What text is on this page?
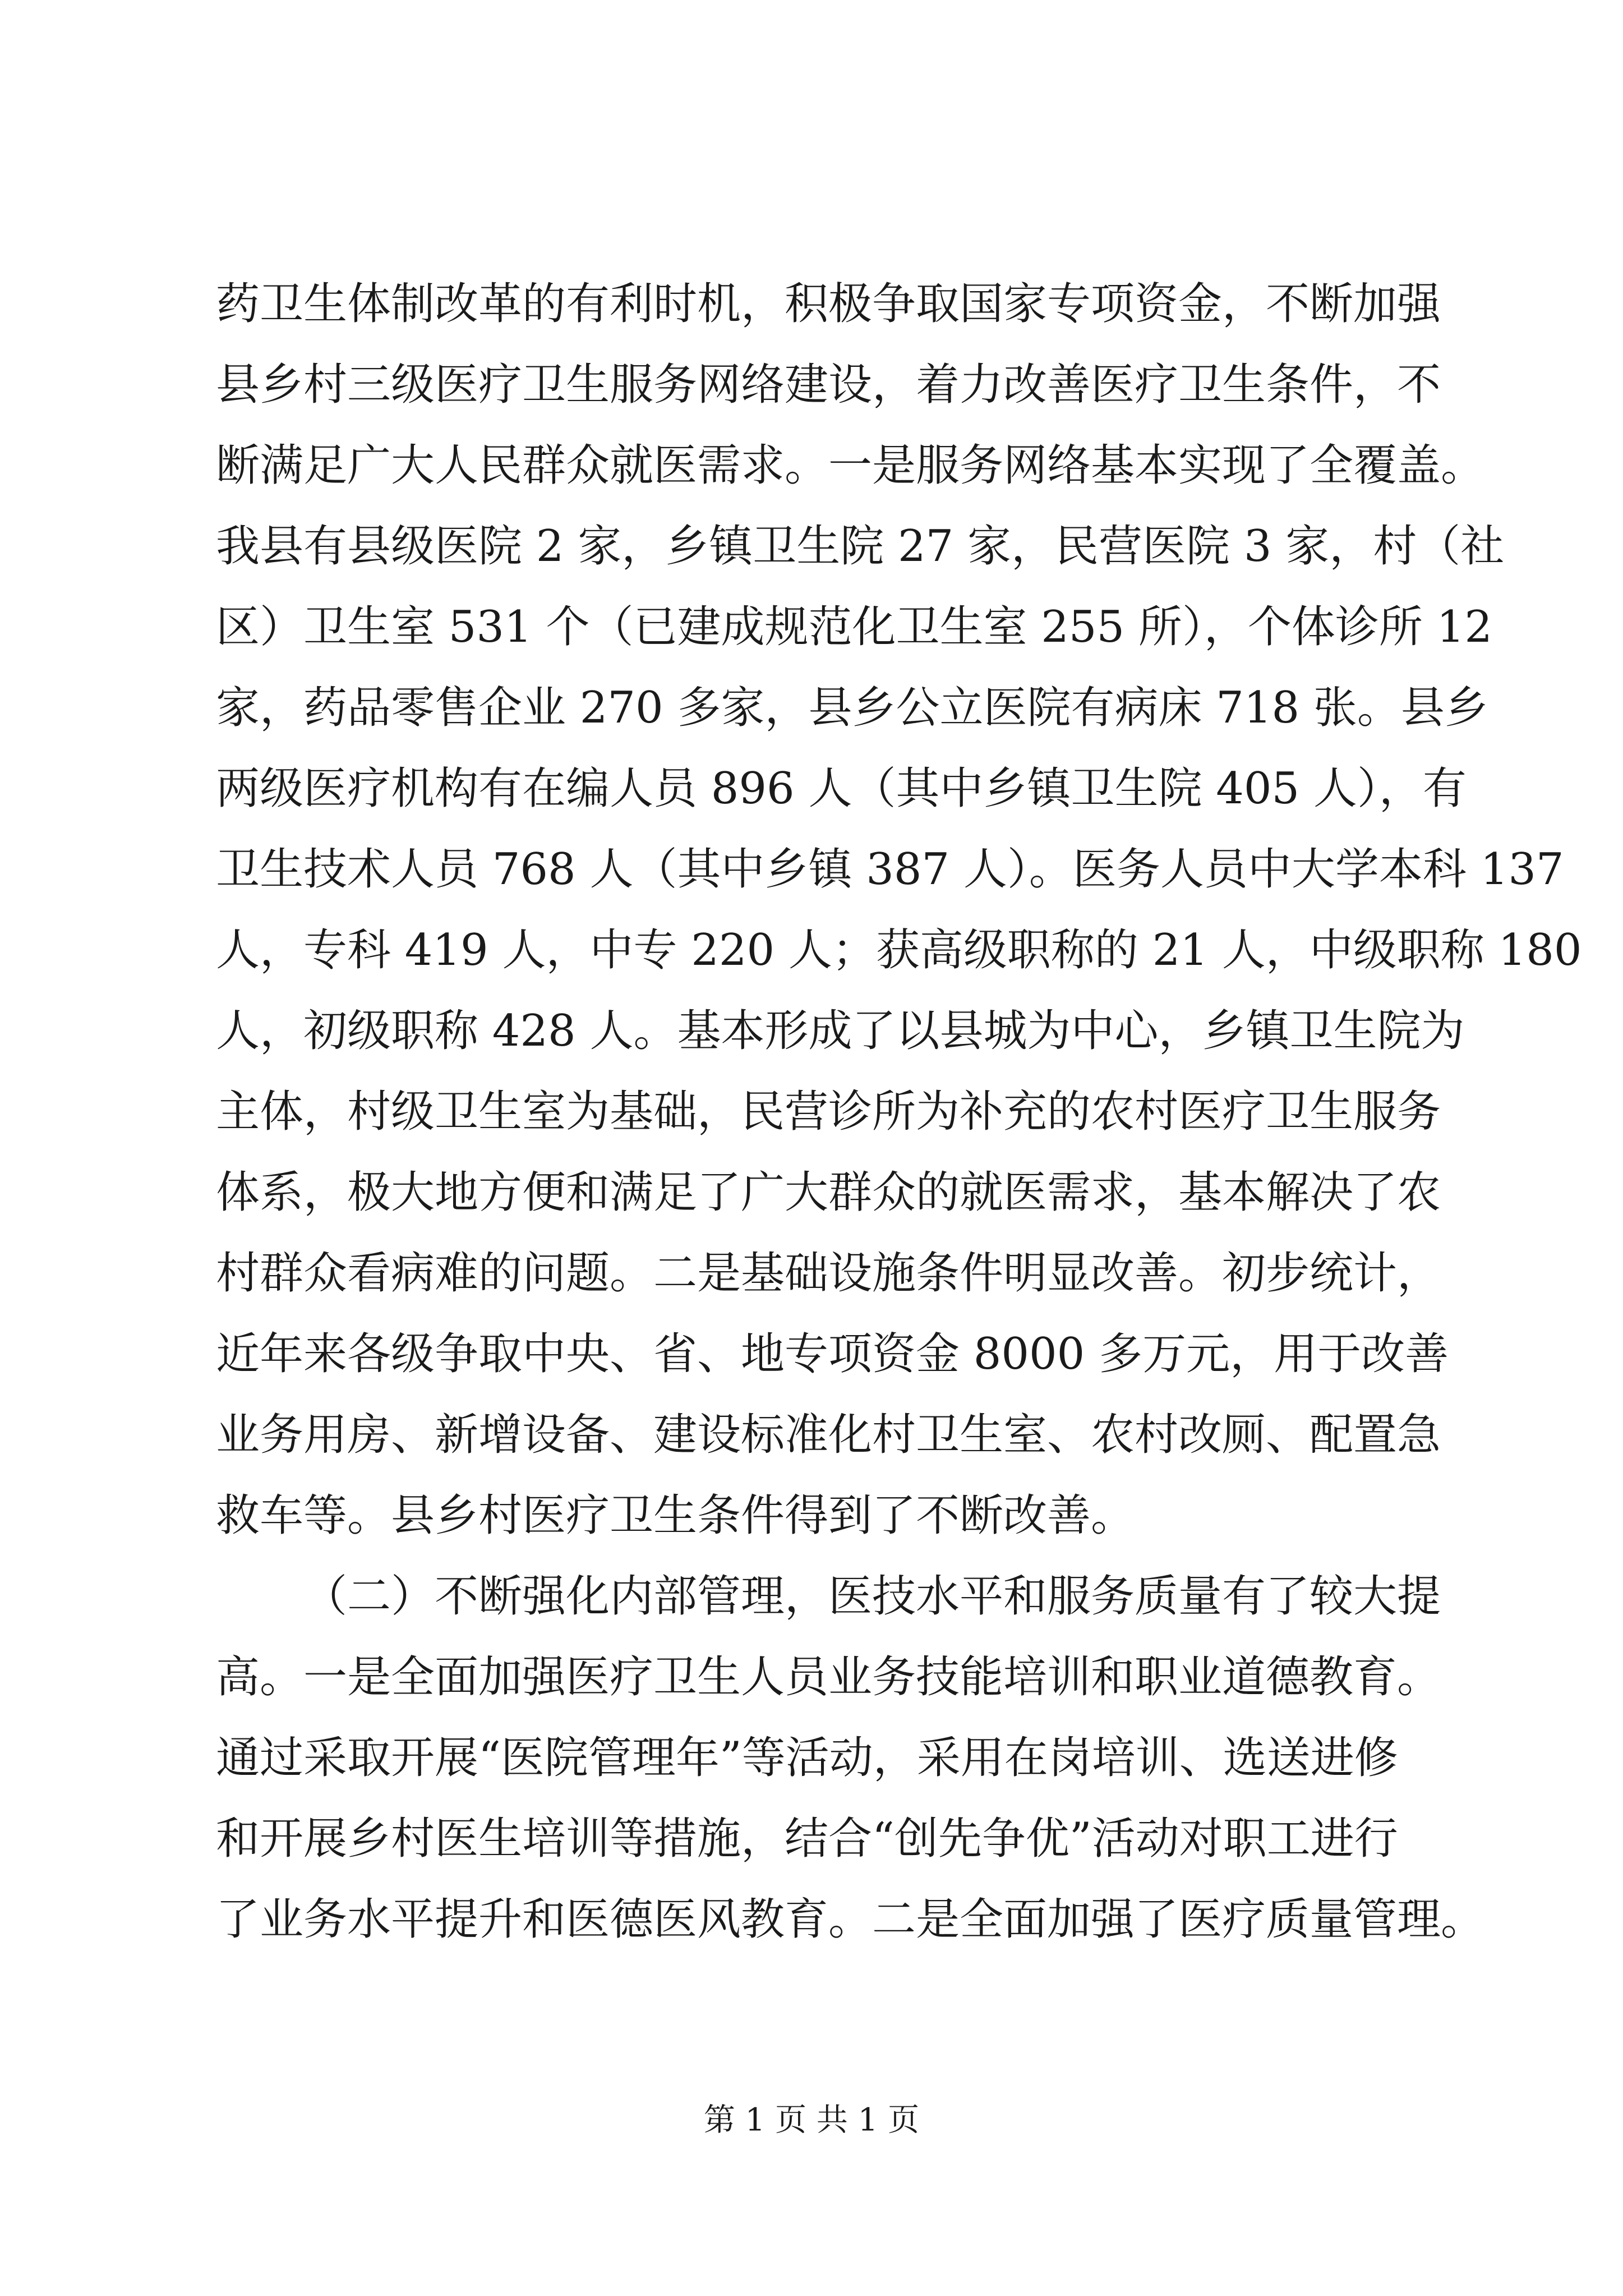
药卫生体制改革的有利时机，积极争取国家专项资金，不断加强
县乡村三级医疗卫生服务网络建设，着力改善医疗卫生条件，不
断满足广大人民群众就医需求。一是服务网络基本实现了全覆盖。
我县有县级医院 2 家，乡镇卫生院 27 家，民营医院 3 家，村（社
区）卫生室 531 个（已建成规范化卫生室 255 所），个体诊所 12
家，药品零售企业 270 多家，县乡公立医院有病床 718 张。县乡
两级医疗机构有在编人员 896 人（其中乡镇卫生院 405 人），有
卫生技术人员 768 人（其中乡镇 387 人）。医务人员中大学本科 137
人，专科 419 人，中专 220 人；获高级职称的 21 人，中级职称 180
人，初级职称 428 人。基本形成了以县城为中心，乡镇卫生院为
主体，村级卫生室为基础，民营诊所为补充的农村医疗卫生服务
体系，极大地方便和满足了广大群众的就医需求，基本解决了农
村群众看病难的问题。二是基础设施条件明显改善。初步统计，
近年来各级争取中央、省、地专项资金 8000 多万元，用于改善
业务用房、新增设备、建设标准化村卫生室、农村改厕、配置急
救车等。县乡村医疗卫生条件得到了不断改善。
（二）不断强化内部管理，医技水平和服务质量有了较大提
高。一是全面加强医疗卫生人员业务技能培训和职业道德教育。
通过采取开展“医院管理年”等活动，采用在岗培训、选送进修
和开展乡村医生培训等措施，结合“创先争优”活动对职工进行
了业务水平提升和医德医风教育。二是全面加强了医疗质量管理。
第 1 页 共 1 页
